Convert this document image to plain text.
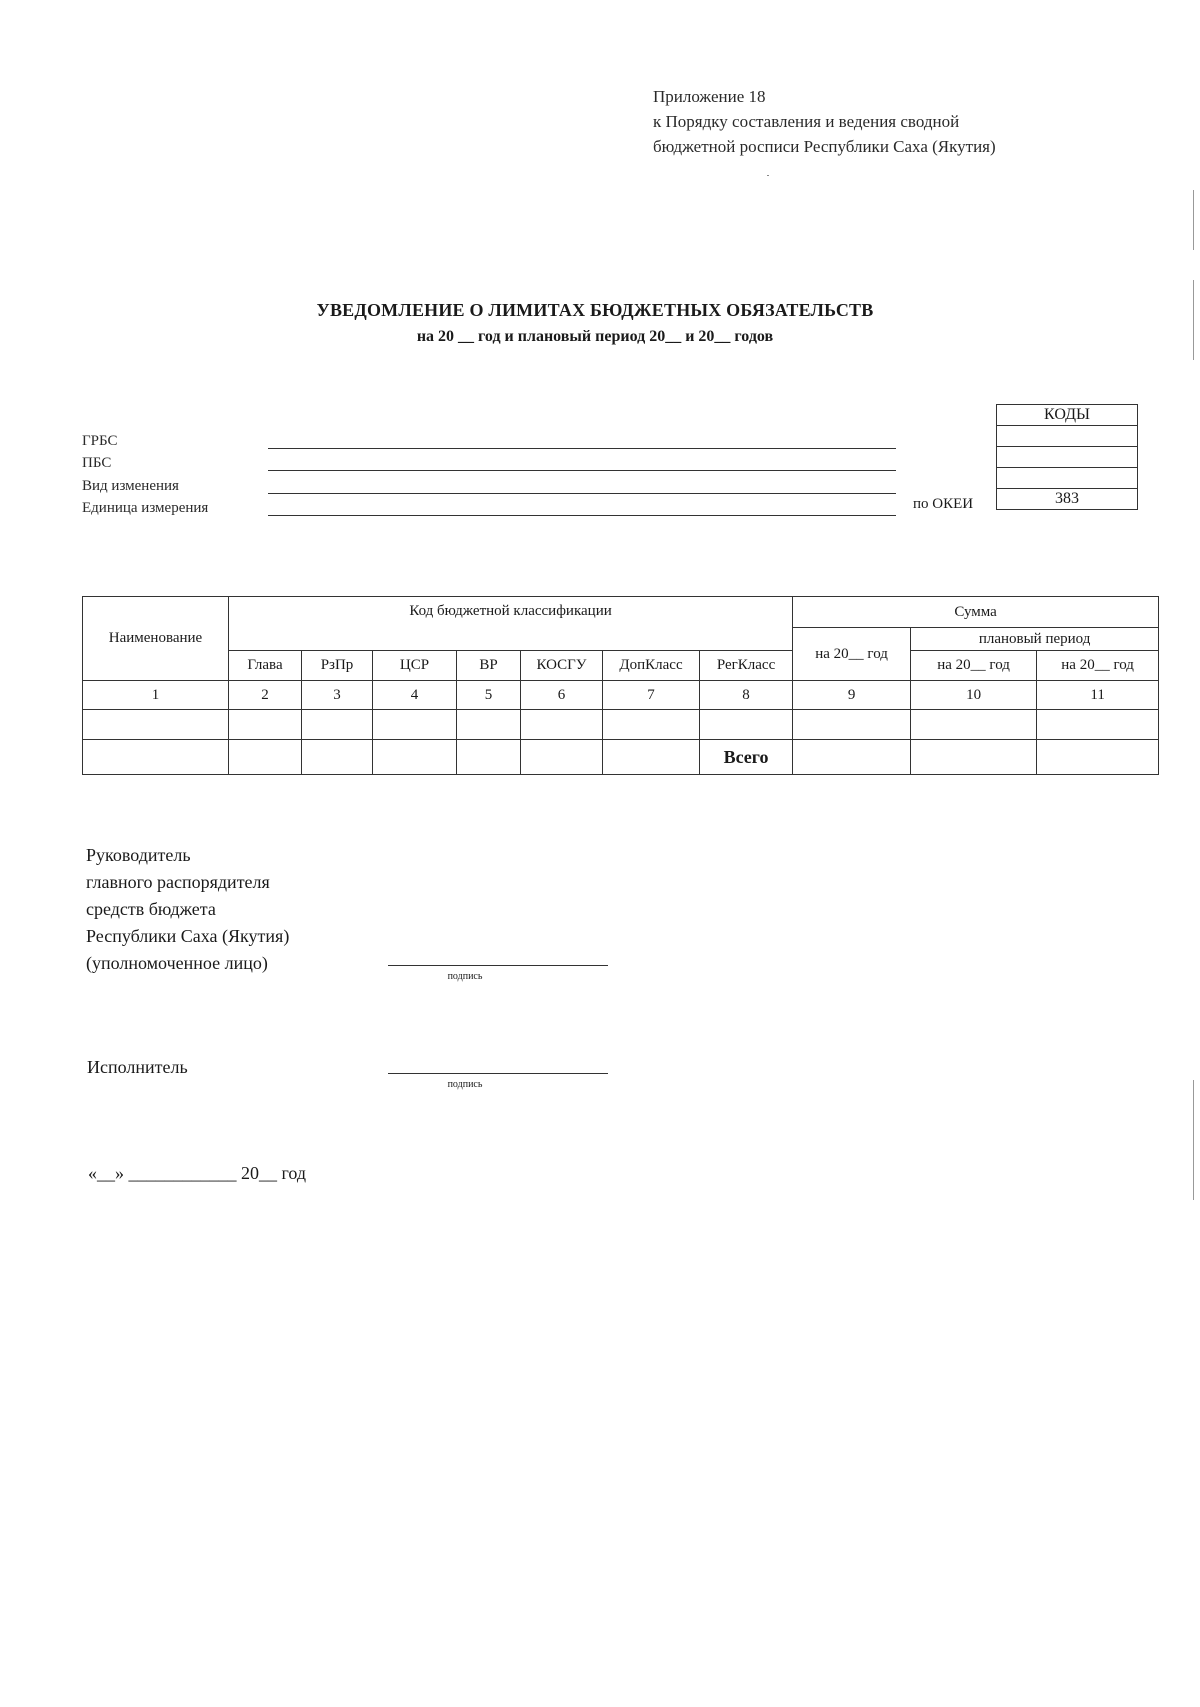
Приложение 18
к Порядку составления и ведения сводной
бюджетной росписи Республики Саха (Якутия)
УВЕДОМЛЕНИЕ О ЛИМИТАХ БЮДЖЕТНЫХ ОБЯЗАТЕЛЬСТВ
на 20 __ год и плановый период 20__ и 20__ годов
ГРБС
ПБС
Вид изменения
Единица измерения	по ОКЕИ
КОДЫ

383
Наименование	Код бюджетной классификации							Сумма		
								на 20__ год	плановый период	
	Глава	РзПр	ЦСР	ВР	КОСГУ	ДопКласс	РегКласс		на 20__ год	на 20__ год
1	2	3	4	5	6	7	8	9	10	11

							Всего			
Руководитель
главного распорядителя
средств бюджета
Республики Саха (Якутия)
(уполномоченное лицо)
подпись
Исполнитель
подпись
«__» ____________ 20__ год
